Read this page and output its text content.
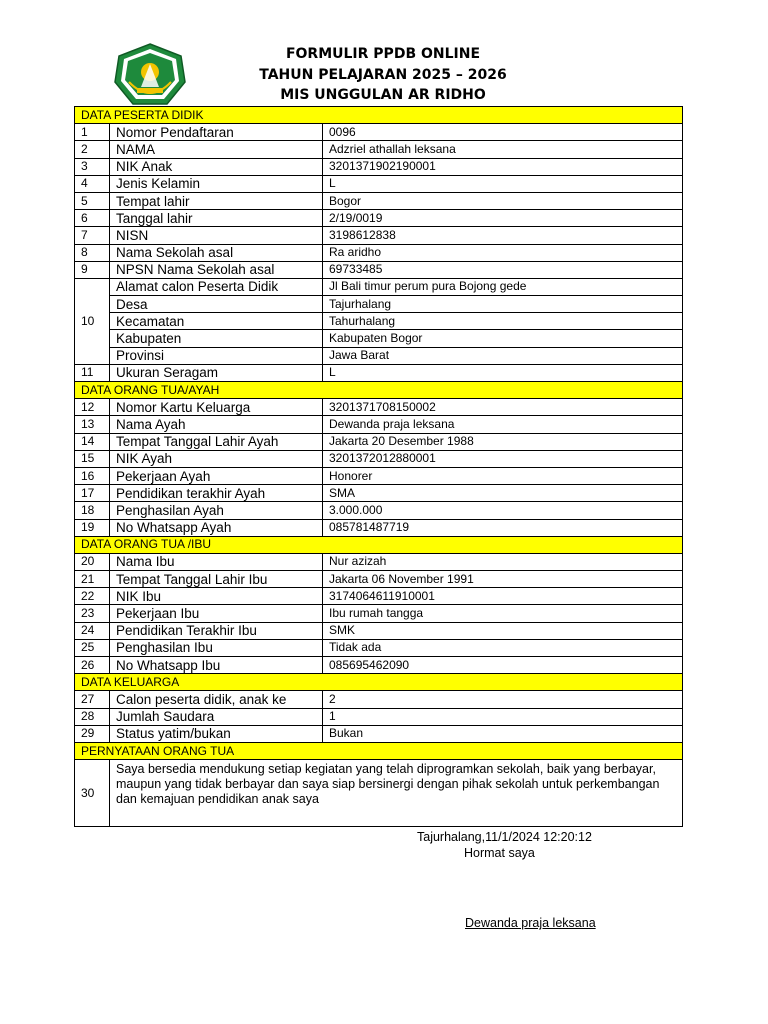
FORMULIR PPDB ONLINE
TAHUN PELAJARAN 2025 – 2026
MIS UNGGULAN AR RIDHO
DATA PESERTA DIDIK		
1	Nomor Pendaftaran	0096
2	NAMA	Adzriel athallah leksana
3	NIK Anak	3201371902190001
4	Jenis Kelamin	L
5	Tempat lahir	Bogor
6	Tanggal lahir	2/19/0019
7	NISN	3198612838
8	Nama Sekolah asal	Ra aridho
9	NPSN Nama Sekolah asal	69733485
10	Alamat calon Peserta Didik	Jl Bali timur perum pura Bojong gede
	Desa	Tajurhalang
	Kecamatan	Tahurhalang
	Kabupaten	Kabupaten Bogor
	Provinsi	Jawa Barat
11	Ukuran Seragam	L
DATA ORANG TUA/AYAH		
12	Nomor Kartu Keluarga	3201371708150002
13	Nama Ayah	Dewanda praja leksana
14	Tempat Tanggal Lahir Ayah	Jakarta 20 Desember 1988
15	NIK Ayah	3201372012880001
16	Pekerjaan Ayah	Honorer
17	Pendidikan terakhir Ayah	SMA
18	Penghasilan Ayah	3.000.000
19	No Whatsapp Ayah	085781487719
DATA ORANG TUA /IBU		
20	Nama Ibu	Nur azizah
21	Tempat Tanggal Lahir Ibu	Jakarta 06 November 1991
22	NIK Ibu	3174064611910001
23	Pekerjaan Ibu	Ibu rumah tangga
24	Pendidikan Terakhir Ibu	SMK
25	Penghasilan Ibu	Tidak ada
26	No Whatsapp Ibu	085695462090
DATA KELUARGA		
27	Calon peserta didik, anak ke	2
28	Jumlah Saudara	1
29	Status yatim/bukan	Bukan
PERNYATAAN ORANG TUA		
30	Saya bersedia mendukung setiap kegiatan yang telah diprogramkan sekolah, baik yang berbayar, maupun yang tidak berbayar dan saya siap bersinergi dengan pihak sekolah untuk perkembangan dan kemajuan pendidikan anak saya	
Tajurhalang,11/1/2024 12:20:12
Hormat saya
Dewanda praja leksana
